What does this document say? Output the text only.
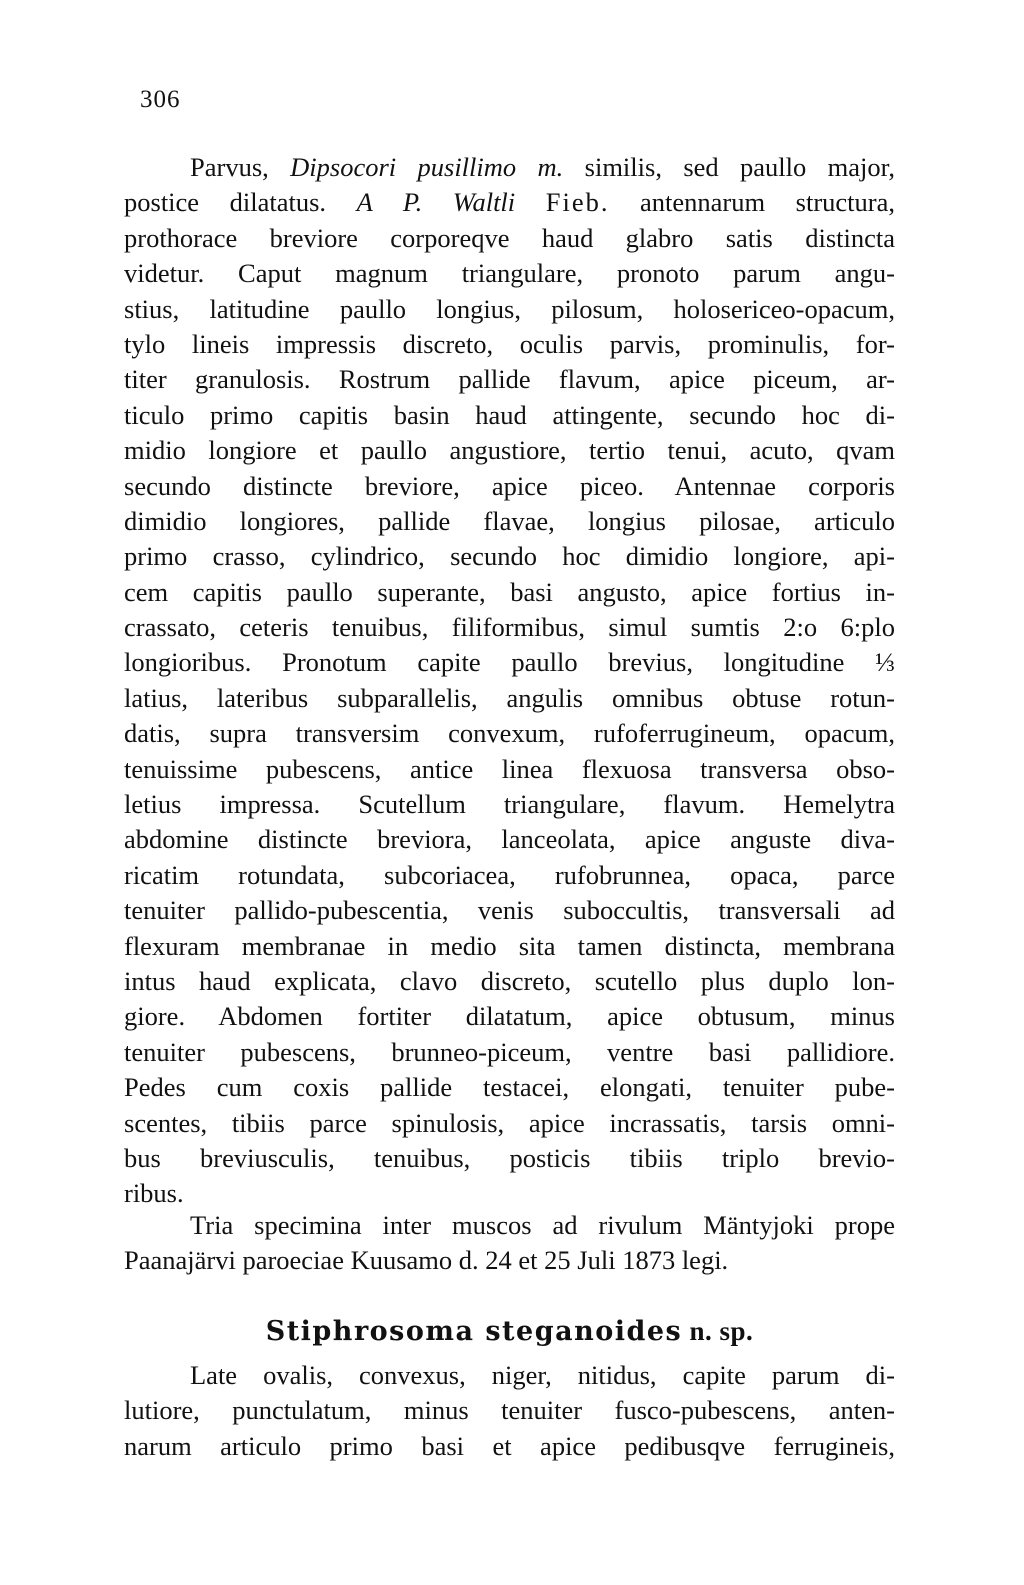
306
Parvus, Dipsocori pusillimo m. similis, sed paullo major,
postice dilatatus. A P. Waltli Fieb. antennarum structura,
prothorace breviore corporeqve haud glabro satis distincta
videtur. Caput magnum triangulare, pronoto parum angu-
stius, latitudine paullo longius, pilosum, holosericeo-opacum,
tylo lineis impressis discreto, oculis parvis, prominulis, for-
titer granulosis. Rostrum pallide flavum, apice piceum, ar-
ticulo primo capitis basin haud attingente, secundo hoc di-
midio longiore et paullo angustiore, tertio tenui, acuto, qvam
secundo distincte breviore, apice piceo. Antennae corporis
dimidio longiores, pallide flavae, longius pilosae, articulo
primo crasso, cylindrico, secundo hoc dimidio longiore, api-
cem capitis paullo superante, basi angusto, apice fortius in-
crassato, ceteris tenuibus, filiformibus, simul sumtis 2:o 6:plo
longioribus. Pronotum capite paullo brevius, longitudine ⅓
latius, lateribus subparallelis, angulis omnibus obtuse rotun-
datis, supra transversim convexum, rufoferrugineum, opacum,
tenuissime pubescens, antice linea flexuosa transversa obso-
letius impressa. Scutellum triangulare, flavum. Hemelytra
abdomine distincte breviora, lanceolata, apice anguste diva-
ricatim rotundata, subcoriacea, rufobrunnea, opaca, parce
tenuiter pallido-pubescentia, venis suboccultis, transversali ad
flexuram membranae in medio sita tamen distincta, membrana
intus haud explicata, clavo discreto, scutello plus duplo lon-
giore. Abdomen fortiter dilatatum, apice obtusum, minus
tenuiter pubescens, brunneo-piceum, ventre basi pallidiore.
Pedes cum coxis pallide testacei, elongati, tenuiter pube-
scentes, tibiis parce spinulosis, apice incrassatis, tarsis omni-
bus breviusculis, tenuibus, posticis tibiis triplo brevio-
ribus.
Tria specimina inter muscos ad rivulum Mäntyjoki prope
Paanajärvi paroeciae Kuusamo d. 24 et 25 Juli 1873 legi.
Stiphrosoma steganoides n. sp.
Late ovalis, convexus, niger, nitidus, capite parum di-
lutiore, punctulatum, minus tenuiter fusco-pubescens, anten-
narum articulo primo basi et apice pedibusqve ferrugineis,
